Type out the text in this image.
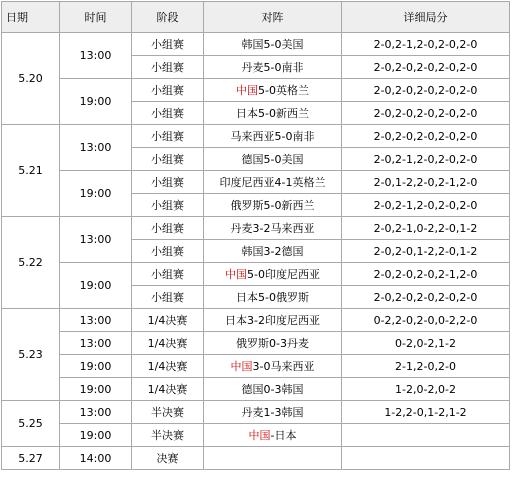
日期	时间	阶段	对阵	详细局分
5.20	13:00	小组赛	韩国5-0美国	2-0,2-1,2-0,2-0,2-0
		小组赛	丹麦5-0南非	2-0,2-0,2-0,2-0,2-0
	19:00	小组赛	中国5-0英格兰	2-0,2-0,2-0,2-0,2-0
		小组赛	日本5-0新西兰	2-0,2-0,2-0,2-0,2-0
5.21	13:00	小组赛	马来西亚5-0南非	2-0,2-0,2-0,2-0,2-0
		小组赛	德国5-0美国	2-0,2-1,2-0,2-0,2-0
	19:00	小组赛	印度尼西亚4-1英格兰	2-0,1-2,2-0,2-1,2-0
		小组赛	俄罗斯5-0新西兰	2-0,2-1,2-0,2-0,2-0
5.22	13:00	小组赛	丹麦3-2马来西亚	2-0,2-1,0-2,2-0,1-2
		小组赛	韩国3-2德国	2-0,2-0,1-2,2-0,1-2
	19:00	小组赛	中国5-0印度尼西亚	2-0,2-0,2-0,2-1,2-0
		小组赛	日本5-0俄罗斯	2-0,2-0,2-0,2-0,2-0
5.23	13:00	1/4决赛	日本3-2印度尼西亚	0-2,2-0,2-0,0-2,2-0
	13:00	1/4决赛	俄罗斯0-3丹麦	0-2,0-2,1-2
	19:00	1/4决赛	中国3-0马来西亚	2-1,2-0,2-0
	19:00	1/4决赛	德国0-3韩国	1-2,0-2,0-2
5.25	13:00	半决赛	丹麦1-3韩国	1-2,2-0,1-2,1-2
	19:00	半决赛	中国-日本	
5.27	14:00	决赛		
